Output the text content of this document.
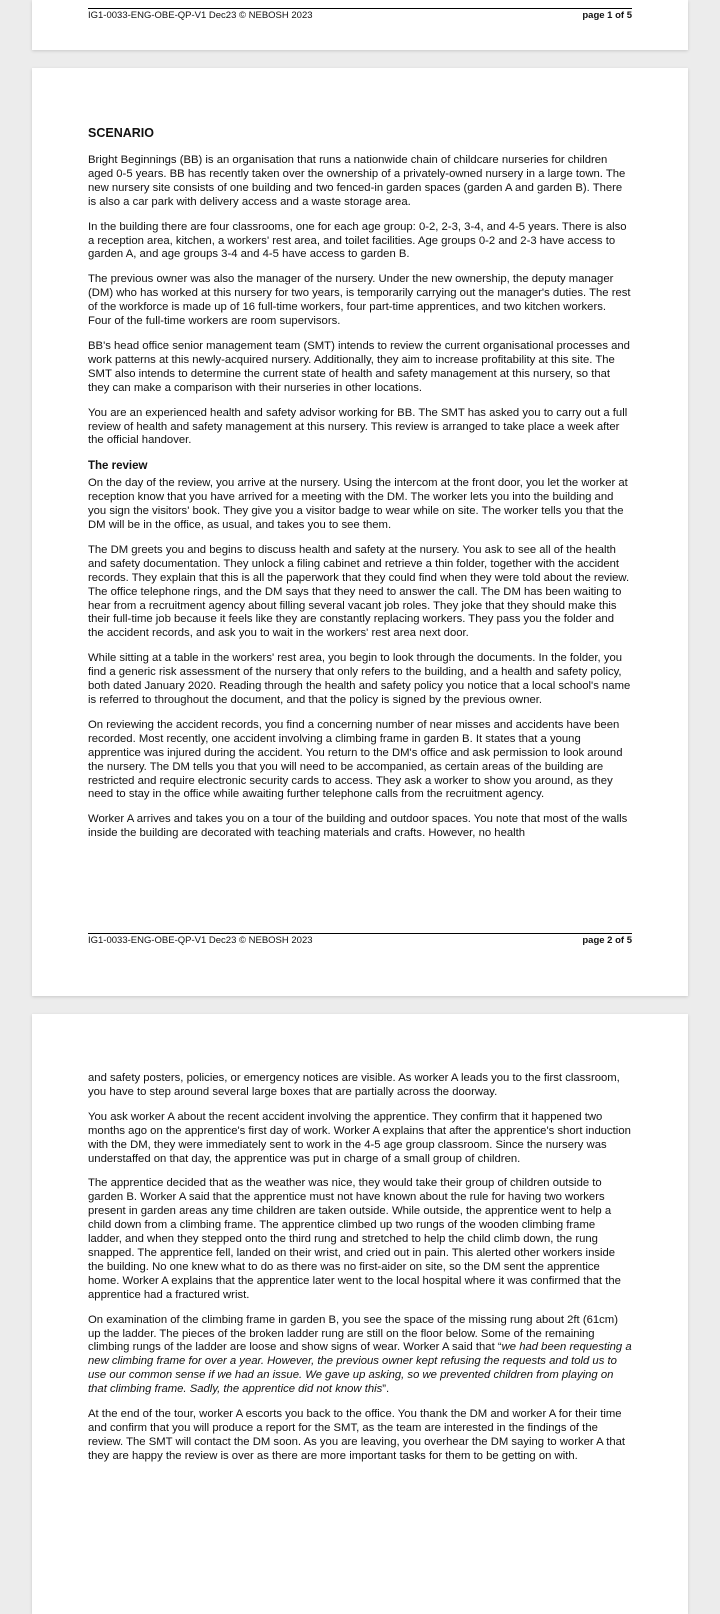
IG1-0033-ENG-OBE-QP-V1 Dec23 © NEBOSH 2023	page 1 of 5
SCENARIO

Bright Beginnings (BB) is an organisation that runs a nationwide chain of childcare nurseries for children aged 0-5 years. BB has recently taken over the ownership of a privately-owned nursery in a large town. The new nursery site consists of one building and two fenced-in garden spaces (garden A and garden B). There is also a car park with delivery access and a waste storage area.

In the building there are four classrooms, one for each age group: 0-2, 2-3, 3-4, and 4-5 years. There is also a reception area, kitchen, a workers' rest area, and toilet facilities. Age groups 0-2 and 2-3 have access to garden A, and age groups 3-4 and 4-5 have access to garden B.

The previous owner was also the manager of the nursery. Under the new ownership, the deputy manager (DM) who has worked at this nursery for two years, is temporarily carrying out the manager's duties. The rest of the workforce is made up of 16 full-time workers, four part-time apprentices, and two kitchen workers. Four of the full-time workers are room supervisors.

BB's head office senior management team (SMT) intends to review the current organisational processes and work patterns at this newly-acquired nursery. Additionally, they aim to increase profitability at this site. The SMT also intends to determine the current state of health and safety management at this nursery, so that they can make a comparison with their nurseries in other locations.

You are an experienced health and safety advisor working for BB. The SMT has asked you to carry out a full review of health and safety management at this nursery. This review is arranged to take place a week after the official handover.

The review

On the day of the review, you arrive at the nursery. Using the intercom at the front door, you let the worker at reception know that you have arrived for a meeting with the DM. The worker lets you into the building and you sign the visitors' book. They give you a visitor badge to wear while on site. The worker tells you that the DM will be in the office, as usual, and takes you to see them.

The DM greets you and begins to discuss health and safety at the nursery. You ask to see all of the health and safety documentation. They unlock a filing cabinet and retrieve a thin folder, together with the accident records. They explain that this is all the paperwork that they could find when they were told about the review. The office telephone rings, and the DM says that they need to answer the call. The DM has been waiting to hear from a recruitment agency about filling several vacant job roles. They joke that they should make this their full-time job because it feels like they are constantly replacing workers. They pass you the folder and the accident records, and ask you to wait in the workers' rest area next door.

While sitting at a table in the workers' rest area, you begin to look through the documents. In the folder, you find a generic risk assessment of the nursery that only refers to the building, and a health and safety policy, both dated January 2020. Reading through the health and safety policy you notice that a local school's name is referred to throughout the document, and that the policy is signed by the previous owner.

On reviewing the accident records, you find a concerning number of near misses and accidents have been recorded. Most recently, one accident involving a climbing frame in garden B. It states that a young apprentice was injured during the accident. You return to the DM's office and ask permission to look around the nursery. The DM tells you that you will need to be accompanied, as certain areas of the building are restricted and require electronic security cards to access. They ask a worker to show you around, as they need to stay in the office while awaiting further telephone calls from the recruitment agency.

Worker A arrives and takes you on a tour of the building and outdoor spaces. You note that most of the walls inside the building are decorated with teaching materials and crafts. However, no health

IG1-0033-ENG-OBE-QP-V1 Dec23 © NEBOSH 2023	page 2 of 5

and safety posters, policies, or emergency notices are visible. As worker A leads you to the first classroom, you have to step around several large boxes that are partially across the doorway.

You ask worker A about the recent accident involving the apprentice. They confirm that it happened two months ago on the apprentice's first day of work. Worker A explains that after the apprentice's short induction with the DM, they were immediately sent to work in the 4-5 age group classroom. Since the nursery was understaffed on that day, the apprentice was put in charge of a small group of children.

The apprentice decided that as the weather was nice, they would take their group of children outside to garden B. Worker A said that the apprentice must not have known about the rule for having two workers present in garden areas any time children are taken outside. While outside, the apprentice went to help a child down from a climbing frame. The apprentice climbed up two rungs of the wooden climbing frame ladder, and when they stepped onto the third rung and stretched to help the child climb down, the rung snapped. The apprentice fell, landed on their wrist, and cried out in pain. This alerted other workers inside the building. No one knew what to do as there was no first-aider on site, so the DM sent the apprentice home. Worker A explains that the apprentice later went to the local hospital where it was confirmed that the apprentice had a fractured wrist.

On examination of the climbing frame in garden B, you see the space of the missing rung about 2ft (61cm) up the ladder. The pieces of the broken ladder rung are still on the floor below. Some of the remaining climbing rungs of the ladder are loose and show signs of wear. Worker A said that “we had been requesting a new climbing frame for over a year. However, the previous owner kept refusing the requests and told us to use our common sense if we had an issue. We gave up asking, so we prevented children from playing on that climbing frame. Sadly, the apprentice did not know this”.

At the end of the tour, worker A escorts you back to the office. You thank the DM and worker A for their time and confirm that you will produce a report for the SMT, as the team are interested in the findings of the review. The SMT will contact the DM soon. As you are leaving, you overhear the DM saying to worker A that they are happy the review is over as there are more important tasks for them to be getting on with.
